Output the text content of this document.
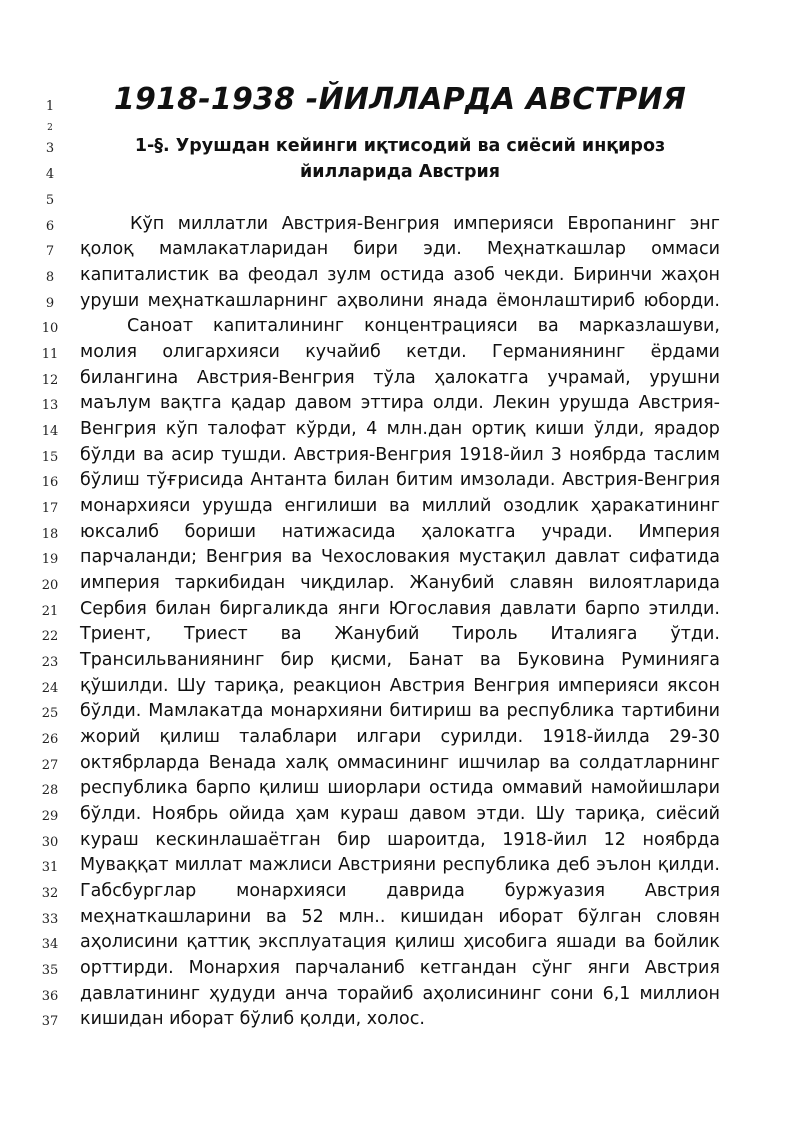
1
2
3
4
5
6
7
8
9
10
11
12
13
14
15
16
17
18
19
20
21
22
23
24
25
26
27
28
29
30
31
32
33
34
35
36
37
1918-1938 -ЙИЛЛАРДА АВСТРИЯ
1-§. Урушдан кейинги иқтисодий ва сиёсий инқироз
йилларида Австрия
Кўп миллатли Австрия-Венгрия империяси Европанинг энг
қолоқ мамлакатларидан бири эди. Меҳнаткашлар оммаси
капиталистик ва феодал зулм остида азоб чекди. Биринчи жаҳон
уруши меҳнаткашларнинг аҳволини янада ёмонлаштириб юборди.
Саноат капиталининг концентрацияси ва марказлашуви,
молия олигархияси кучайиб кетди. Германиянинг ёрдами
билангина Австрия-Венгрия тўла ҳалокатга учрамай, урушни
маълум вақтга қадар давом эттира олди. Лекин урушда Австрия-
Венгрия кўп талофат кўрди, 4 млн.дан ортиқ киши ўлди, ярадор
бўлди ва асир тушди. Австрия-Венгрия 1918-йил 3 ноябрда таслим
бўлиш тўғрисида Антанта билан битим имзолади. Австрия-Венгрия
монархияси урушда енгилиши ва миллий озодлик ҳаракатининг
юксалиб бориши натижасида ҳалокатга учради. Империя
парчаланди; Венгрия ва Чехословакия мустақил давлат сифатида
империя таркибидан чиқдилар. Жанубий славян вилоятларида
Сербия билан биргаликда янги Югославия давлати барпо этилди.
Триент, Триест ва Жанубий Тироль Италияга ўтди.
Трансильваниянинг бир қисми, Банат ва Буковина Руминияга
қўшилди. Шу тариқа, реакцион Австрия Венгрия империяси яксон
бўлди. Мамлакатда монархияни битириш ва республика тартибини
жорий қилиш талаблари илгари сурилди. 1918-йилда 29-30
октябрларда Венада халқ оммасининг ишчилар ва солдатларнинг
республика барпо қилиш шиорлари остида оммавий намойишлари
бўлди. Ноябрь ойида ҳам кураш давом этди. Шу тариқа, сиёсий
кураш кескинлашаётган бир шароитда, 1918-йил 12 ноябрда
Муваққат миллат мажлиси Австрияни республика деб эълон қилди.
Габсбурглар монархияси даврида буржуазия Австрия
меҳнаткашларини ва 52 млн.. кишидан иборат бўлган словян
аҳолисини қаттиқ эксплуатация қилиш ҳисобига яшади ва бойлик
орттирди. Монархия парчаланиб кетгандан сўнг янги Австрия
давлатининг ҳудуди анча торайиб аҳолисининг сони 6,1 миллион
кишидан иборат бўлиб қолди, холос.
